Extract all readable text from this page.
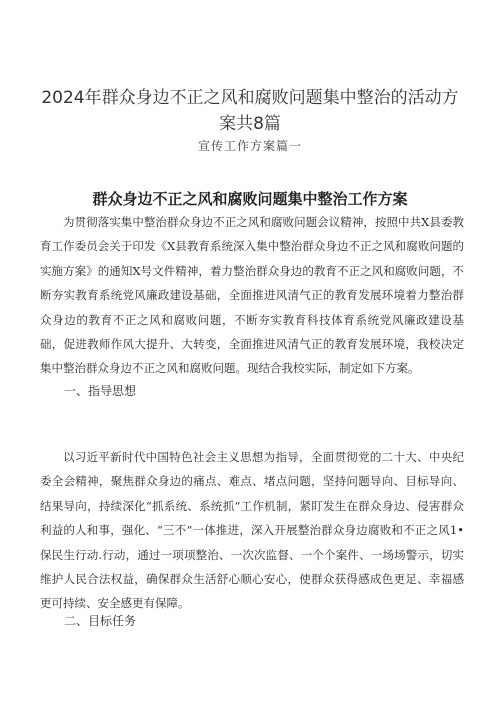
2024年群众身边不正之风和腐败问题集中整治的活动方案共8篇
宣传工作方案篇一
群众身边不正之风和腐败问题集中整治工作方案

为贯彻落实集中整治群众身边不正之风和腐败问题会议精神，按照中共X县委教育工作委员会关于印发《X县教育系统深入集中整治群众身边不正之风和腐败问题的实施方案》的通知X号文件精神，着力整治群众身边的教育不正之风和腐败问题，不断夯实教育系统党风廉政建设基础，全面推进风清气正的教育发展环境着力整治群众身边的教育不正之风和腐败问题，不断夯实教育科技体育系统党风廉政建设基础，促进教师作风大提升、大转变，全面推进风清气正的教育发展环境，我校决定集中整治群众身边不正之风和腐败问题。现结合我校实际，制定如下方案。

一、指导思想

以习近平新时代中国特色社会主义思想为指导，全面贯彻党的二十大、中央纪委全会精神，聚焦群众身边的痛点、难点、堵点问题，坚持问题导向、目标导向、结果导向，持续深化“抓系统、系统抓“工作机制，紧盯发生在群众身边、侵害群众利益的人和事，强化、“三不”一体推进，深入开展整治群众身边腐败和不正之风1•保民生行动.行动，通过一项项整治、一次次监督、一个个案件、一场场警示，切实维护人民合法权益，确保群众生活舒心顺心安心，使群众获得感成色更足、幸福感更可持续、安全感更有保障。

二、目标任务
